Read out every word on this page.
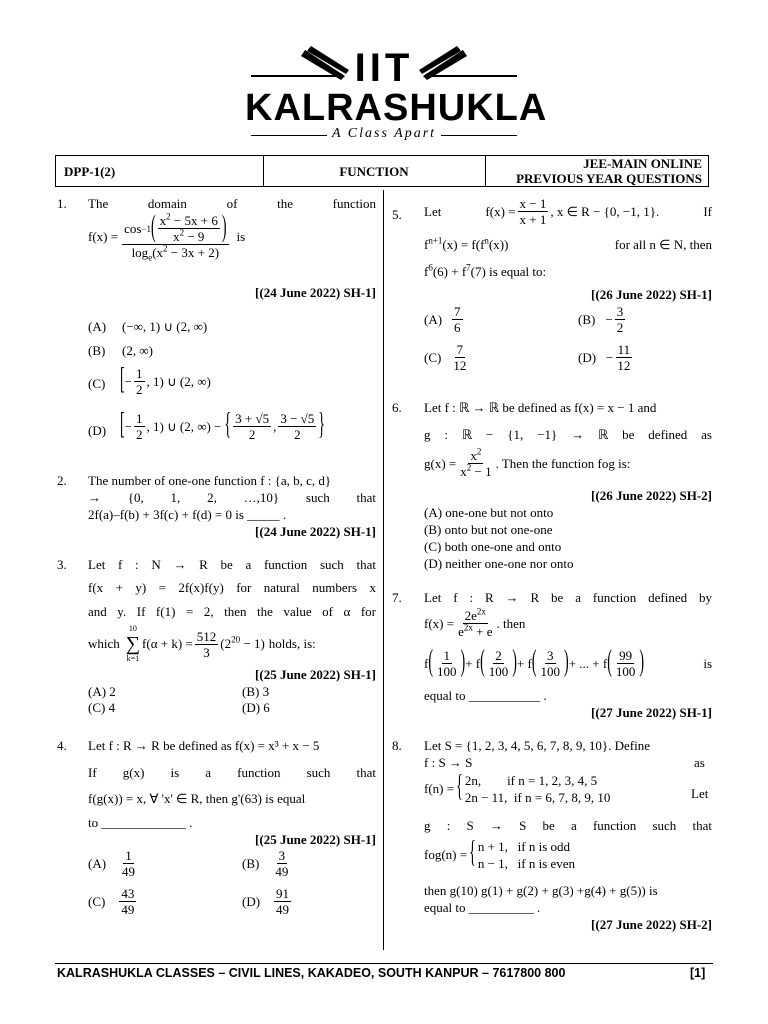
IIT
KALRASHUKLA
A Class Apart
DPP-1(2)	FUNCTION
JEE-MAIN ONLINE
PREVIOUS YEAR QUESTIONS
1. The domain of the function
$f(x) = \frac{\cos -1 ( \frac{x^2 - 5x + 6}{x^2 - 9} )}{\log_e(x^2 - 3x + 2)}$ is
[(24 June 2022) SH-1]
(A) (−∞, 1) ∪ (2, ∞)
(B) (2, ∞)
(C) [ − $\frac{1}{2}$ , 1) ∪ (2, ∞)
(D) [ − $\frac{1}{2}$ , 1) ∪ (2, ∞) − { $\frac{3 + √5}{2}$ , $\frac{3 - √5}{2}$ }
2. The number of one-one function f : {a, b, c, d}
→ {0, 1, 2, …,10} such that
2f(a)–f(b) + 3f(c) + f(d) = 0 is _____ .
[(24 June 2022) SH-1]
3. Let f : N → R be a function such that
f(x + y) = 2f(x)f(y) for natural numbers x
and y. If f(1) = 2, then the value of α for
which
10
∑
k=1
$f(\alpha + k) = \frac{512}{3} (2^{20} - 1)$ holds, is:
[(25 June 2022) SH-1]
(A) 2	(B) 3
(C) 4	(D) 6
4. Let f : R → R be defined as f(x) = x³ + x − 5
If g(x) is a function such that
f(g(x)) = x, ∀ 'x' ∈ R, then g'(63) is equal
to _____________ .
[(25 June 2022) SH-1]
$(A) \frac{1}{49}$	$(B) \frac{3}{49}$
$(C) \frac{43}{49}$	$(D) \frac{91}{49}$
5. Let	$f(x) = \frac{x - 1}{x + 1}$ , x ∈ R − {0, −1, 1}.	If
$f^{n+1}(x) = f(f^n(x))$	for all n ∈ N, then
$f^6(6) + f^7(7)$ is equal to:
[(26 June 2022) SH-1]
$(A) \frac{7}{6}$	$(B) - \frac{3}{2}$
$(C) \frac{7}{12}$	$(D) - \frac{11}{12}$
6. Let f : ℝ → ℝ be defined as f(x) = x − 1 and
g : ℝ − {1, −1} → ℝ be defined as
$g(x) = \frac{x^2}{x^2 - 1}$ . Then the function fog is:
[(26 June 2022) SH-2]
(A) one-one but not onto
(B) onto but not one-one
(C) both one-one and onto
(D) neither one-one nor onto
7. Let f : R → R be a function defined by
$f(x) = \frac{2e^{2x}}{e^{2x} + e}$ . then
f ( $\frac{1}{100}$ ) + f ( $\frac{2}{100}$ ) + f ( $\frac{3}{100}$ ) + ... + f ( $\frac{99}{100}$ )	is
equal to ___________ .
[(27 June 2022) SH-1]
8. Let S = {1, 2, 3, 4, 5, 6, 7, 8, 9, 10}. Define
f : S → S	as
f(n) = { 2n,        if n = 1, 2, 3, 4, 5
2n − 11,  if n = 6, 7, 8, 9, 10	Let
g : S → S be a function such that
fog(n) = { n + 1,   if n is odd
n − 1,   if n is even
then g(10) g(1) + g(2) + g(3) +g(4) + g(5)) is
equal to __________ .
[(27 June 2022) SH-2]
KALRASHUKLA CLASSES – CIVIL LINES, KAKADEO, SOUTH KANPUR – 7617800 800	[1]
